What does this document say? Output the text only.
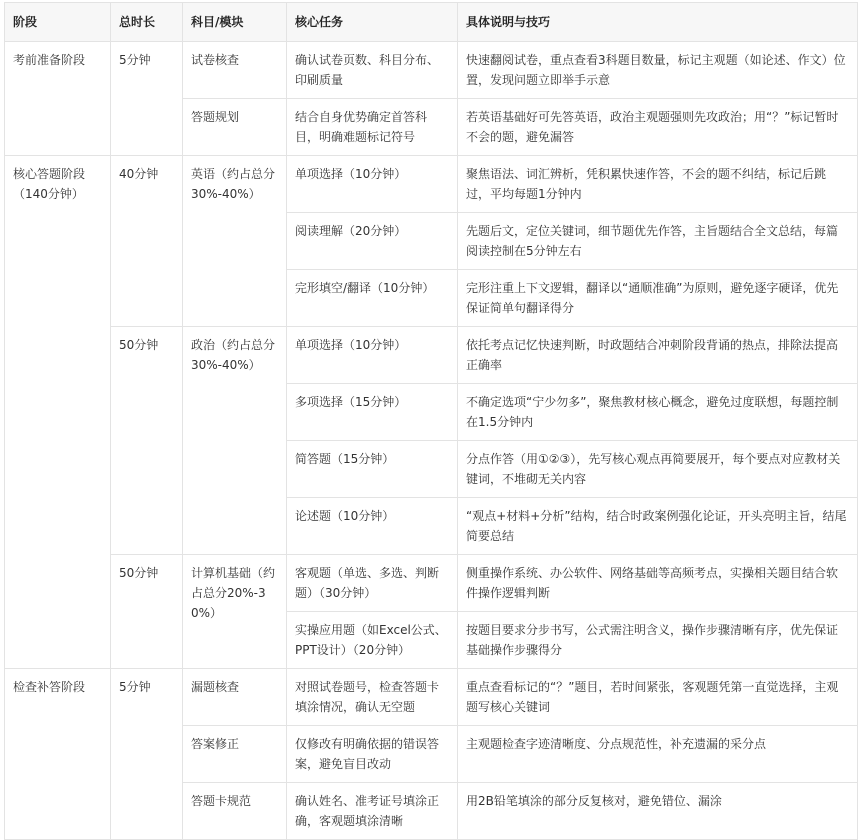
阶段	总时长	科目/模块	核心任务	具体说明与技巧
考前准备阶段	5分钟	试卷核查	确认试卷页数、科目分布、印刷质量	快速翻阅试卷，重点查看3科题目数量，标记主观题（如论述、作文）位置，发现问题立即举手示意
		答题规划	结合自身优势确定首答科目，明确难题标记符号	若英语基础好可先答英语，政治主观题强则先攻政治；用“？”标记暂时不会的题，避免漏答
核心答题阶段（140分钟）	40分钟	英语（约占总分30%-40%）	单项选择（10分钟）	聚焦语法、词汇辨析，凭积累快速作答，不会的题不纠结，标记后跳过，平均每题1分钟内
			阅读理解（20分钟）	先题后文，定位关键词，细节题优先作答，主旨题结合全文总结，每篇阅读控制在5分钟左右
			完形填空/翻译（10分钟）	完形注重上下文逻辑，翻译以“通顺准确”为原则，避免逐字硬译，优先保证简单句翻译得分
	50分钟	政治（约占总分30%-40%）	单项选择（10分钟）	依托考点记忆快速判断，时政题结合冲刺阶段背诵的热点，排除法提高正确率
			多项选择（15分钟）	不确定选项“宁少勿多”，聚焦教材核心概念，避免过度联想，每题控制在1.5分钟内
			简答题（15分钟）	分点作答（用①②③），先写核心观点再简要展开，每个要点对应教材关键词，不堆砌无关内容
			论述题（10分钟）	“观点+材料+分析”结构，结合时政案例强化论证，开头亮明主旨，结尾简要总结
	50分钟	计算机基础（约占总分20%-30%）	客观题（单选、多选、判断题）（30分钟）	侧重操作系统、办公软件、网络基础等高频考点，实操相关题目结合软件操作逻辑判断
			实操应用题（如Excel公式、PPT设计）（20分钟）	按题目要求分步书写，公式需注明含义，操作步骤清晰有序，优先保证基础操作步骤得分
检查补答阶段	5分钟	漏题核查	对照试卷题号，检查答题卡填涂情况，确认无空题	重点查看标记的“？”题目，若时间紧张，客观题凭第一直觉选择，主观题写核心关键词
		答案修正	仅修改有明确依据的错误答案，避免盲目改动	主观题检查字迹清晰度、分点规范性，补充遗漏的采分点
		答题卡规范	确认姓名、准考证号填涂正确，客观题填涂清晰	用2B铅笔填涂的部分反复核对，避免错位、漏涂
